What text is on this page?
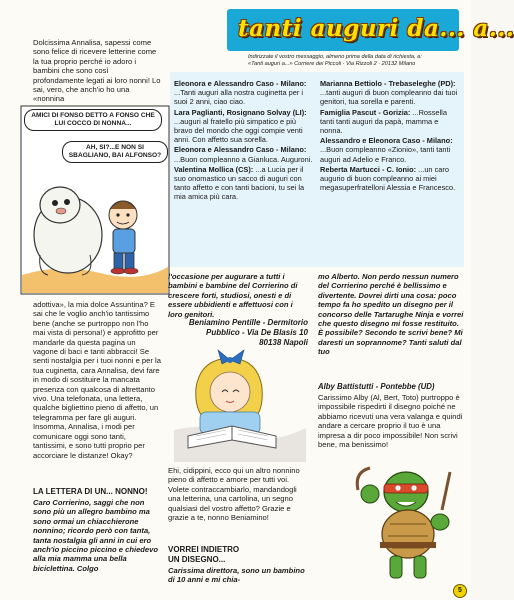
Dolcissima Annalisa, sapessi come sono felice di ricevere letterine come la tua proprio perché io adoro i bambini che sono così profondamente legati ai loro nonni! Lo sai, vero, che anch'io ho una «nonnina

AMICI DI FONSO DETTO A FONSO CHE LUI COCCO DI NONNA...
AH, SI?...E NON SI SBAGLIANO, BAI ALFONSO?

adottiva», la mia dolce Assuntina? E sai che le voglio anch'io tantissimo bene (anche se purtroppo non l'ho mai vista di persona!) e approfitto per mandarle da questa pagina un vagone di baci e tanti abbracci! Se senti nostalgia per i tuoi nonni e per la tua cuginetta, cara Annalisa, devi fare in modo di sostituire la mancata presenza con qualcosa di altrettanto vivo. Una telefonata, una lettera, qualche bigliettino pieno di affetto, un telegramma per fare gli auguri. Insomma, Annalisa, i modi per comunicare oggi sono tanti, tantissimi, e sono tutti proprio per accorciare le distanze! Okay?

LA LETTERA DI UN... NONNO!

Caro Corrierino, saggi che non sono più un allegro bambino ma sono ormai un chiacchierone nonnino; ricordo però con tanta, tanta nostalgia gli anni in cui ero anch'io piccino piccino e chiedevo alla mia mamma una bella biciclettina. Colgo

tanti auguri da... a...

Indirizzate il vostro messaggio, almeno prima della data di richiesta, a:
«Tanti auguri a...» Corriere dei Piccoli · Via Rizzoli 2 · 20132 Milano

Eleonora e Alessandro Caso - Milano: ...Tanti auguri alla nostra cuginetta per i suoi 2 anni, ciao ciao.

Lara Paglianti, Rosignano Solvay (LI): ...auguri al fratello più simpatico e più bravo del mondo che oggi compie venti anni. Con affetto sua sorella.

Eleonora e Alessandro Caso - Milano: ...Buon compleanno a Gianluca. Auguroni.

Valentina Mollica (CS): ...a Lucia per il suo onomastico un sacco di auguri con tanto affetto e con tanti bacioni, tu sei la mia amica più cara.

Marianna Bettiolo - Trebaseleghe (PD): ...tanti auguri di buon compleanno dai tuoi genitori, tua sorella e parenti.

Famiglia Pascut - Gorizia: ...Rossella tanti tanti auguri da papà, mamma e nonna.

Alessandro e Eleonora Caso - Milano: ...Buon compleanno «Zionio», tanti tanti auguri ad Adelio e Franco.

Reberta Martucci - C. Ionio: ...un caro augurio di buon compleanno ai miei megasuperfratelloni Alessia e Francesco.

l'occasione per augurare a tutti i bambini e bambine del Corrierino di crescere forti, studiosi, onesti e di essere ubbidienti e affettuosi con i loro genitori.

Beniamino Pentille - Dermitorio

Pubblico - Via De Blasis 10

80138 Napoli

Ehi, cidippini, ecco qui un altro nonnino pieno di affetto e amore per tutti voi. Volete contraccambiarlo, mandandogli una letterina, una cartolina, un segno qualsiasi del vostro affetto? Grazie e grazie a te, nonno Beniamino!

VORREI INDIETRO

UN DISEGNO...

Carissima direttora, sono un bambino di 10 anni e mi chia-

mo Alberto. Non perdo nessun numero del Corrierino perché è bellissimo e divertente. Dovrei dirti una cosa: poco tempo fa ho spedito un disegno per il concorso delle Tartarughe Ninja e vorrei che questo disegno mi fosse restituito. È possibile? Secondo te scrivi bene? Mi daresti un soprannome? Tanti saluti dal tuo

Alby Battistutti - Pontebbe (UD)

Carissimo Alby (Al, Bert, Toto) purtroppo è impossibile rispedirti il disegno poiché ne abbiamo ricevuti una vera valanga e quindi andare a cercare proprio il tuo è una impresa a dir poco impossibile! Non scrivi bene, ma benissimo!

5
